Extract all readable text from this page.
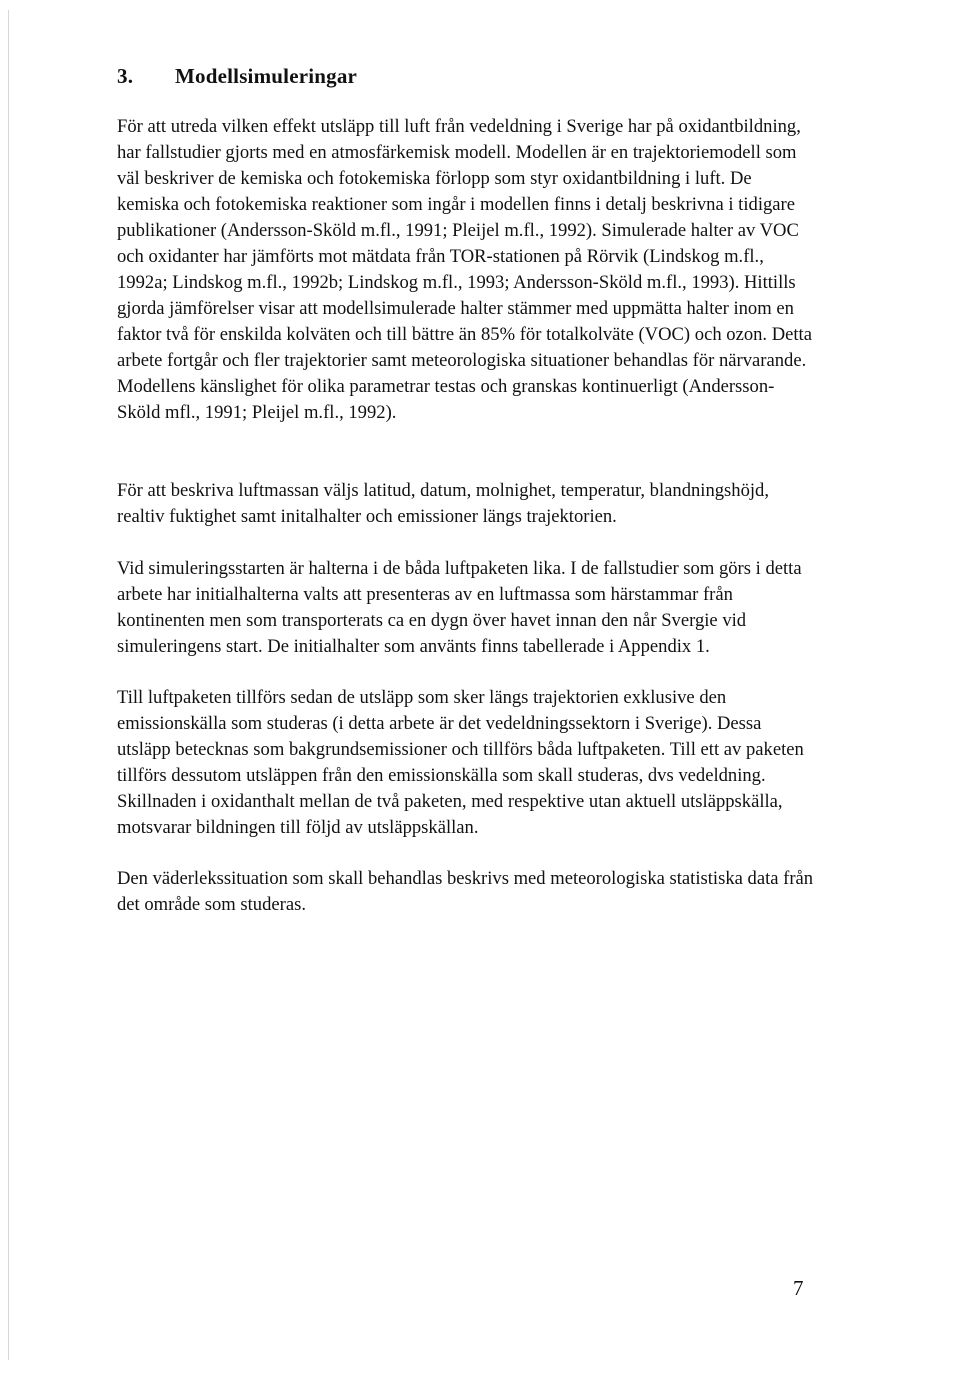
3. Modellsimuleringar

För att utreda vilken effekt utsläpp till luft från vedeldning i Sverige har på oxidantbildning, har fallstudier gjorts med en atmosfärkemisk modell. Modellen är en trajektoriemodell som väl beskriver de kemiska och fotokemiska förlopp som styr oxidantbildning i luft. De kemiska och fotokemiska reaktioner som ingår i modellen finns i detalj beskrivna i tidigare publikationer (Andersson-Sköld m.fl., 1991; Pleijel m.fl., 1992). Simulerade halter av VOC och oxidanter har jämförts mot mätdata från TOR-stationen på Rörvik (Lindskog m.fl., 1992a; Lindskog m.fl., 1992b; Lindskog m.fl., 1993; Andersson-Sköld m.fl., 1993). Hittills gjorda jämförelser visar att modellsimulerade halter stämmer med uppmätta halter inom en faktor två för enskilda kolväten och till bättre än 85% för totalkolväte (VOC) och ozon. Detta arbete fortgår och fler trajektorier samt meteorologiska situationer behandlas för närvarande. Modellens känslighet för olika parametrar testas och granskas kontinuerligt (Andersson-Sköld mfl., 1991; Pleijel m.fl., 1992).

För att beskriva luftmassan väljs latitud, datum, molnighet, temperatur, blandningshöjd, realtiv fuktighet samt initalhalter och emissioner längs trajektorien.

Vid simuleringsstarten är halterna i de båda luftpaketen lika. I de fallstudier som görs i detta arbete har initialhalterna valts att presenteras av en luftmassa som härstammar från kontinenten men som transporterats ca en dygn över havet innan den når Svergie vid simuleringens start. De initialhalter som använts finns tabellerade i Appendix 1.

Till luftpaketen tillförs sedan de utsläpp som sker längs trajektorien exklusive den emissionskälla som studeras (i detta arbete är det vedeldningssektorn i Sverige). Dessa utsläpp betecknas som bakgrundsemissioner och tillförs båda luftpaketen. Till ett av paketen tillförs dessutom utsläppen från den emissionskälla som skall studeras, dvs vedeldning. Skillnaden i oxidanthalt mellan de två paketen, med respektive utan aktuell utsläppskälla, motsvarar bildningen till följd av utsläppskällan.

Den väderlekssituation som skall behandlas beskrivs med meteorologiska statistiska data från det område som studeras.

7
